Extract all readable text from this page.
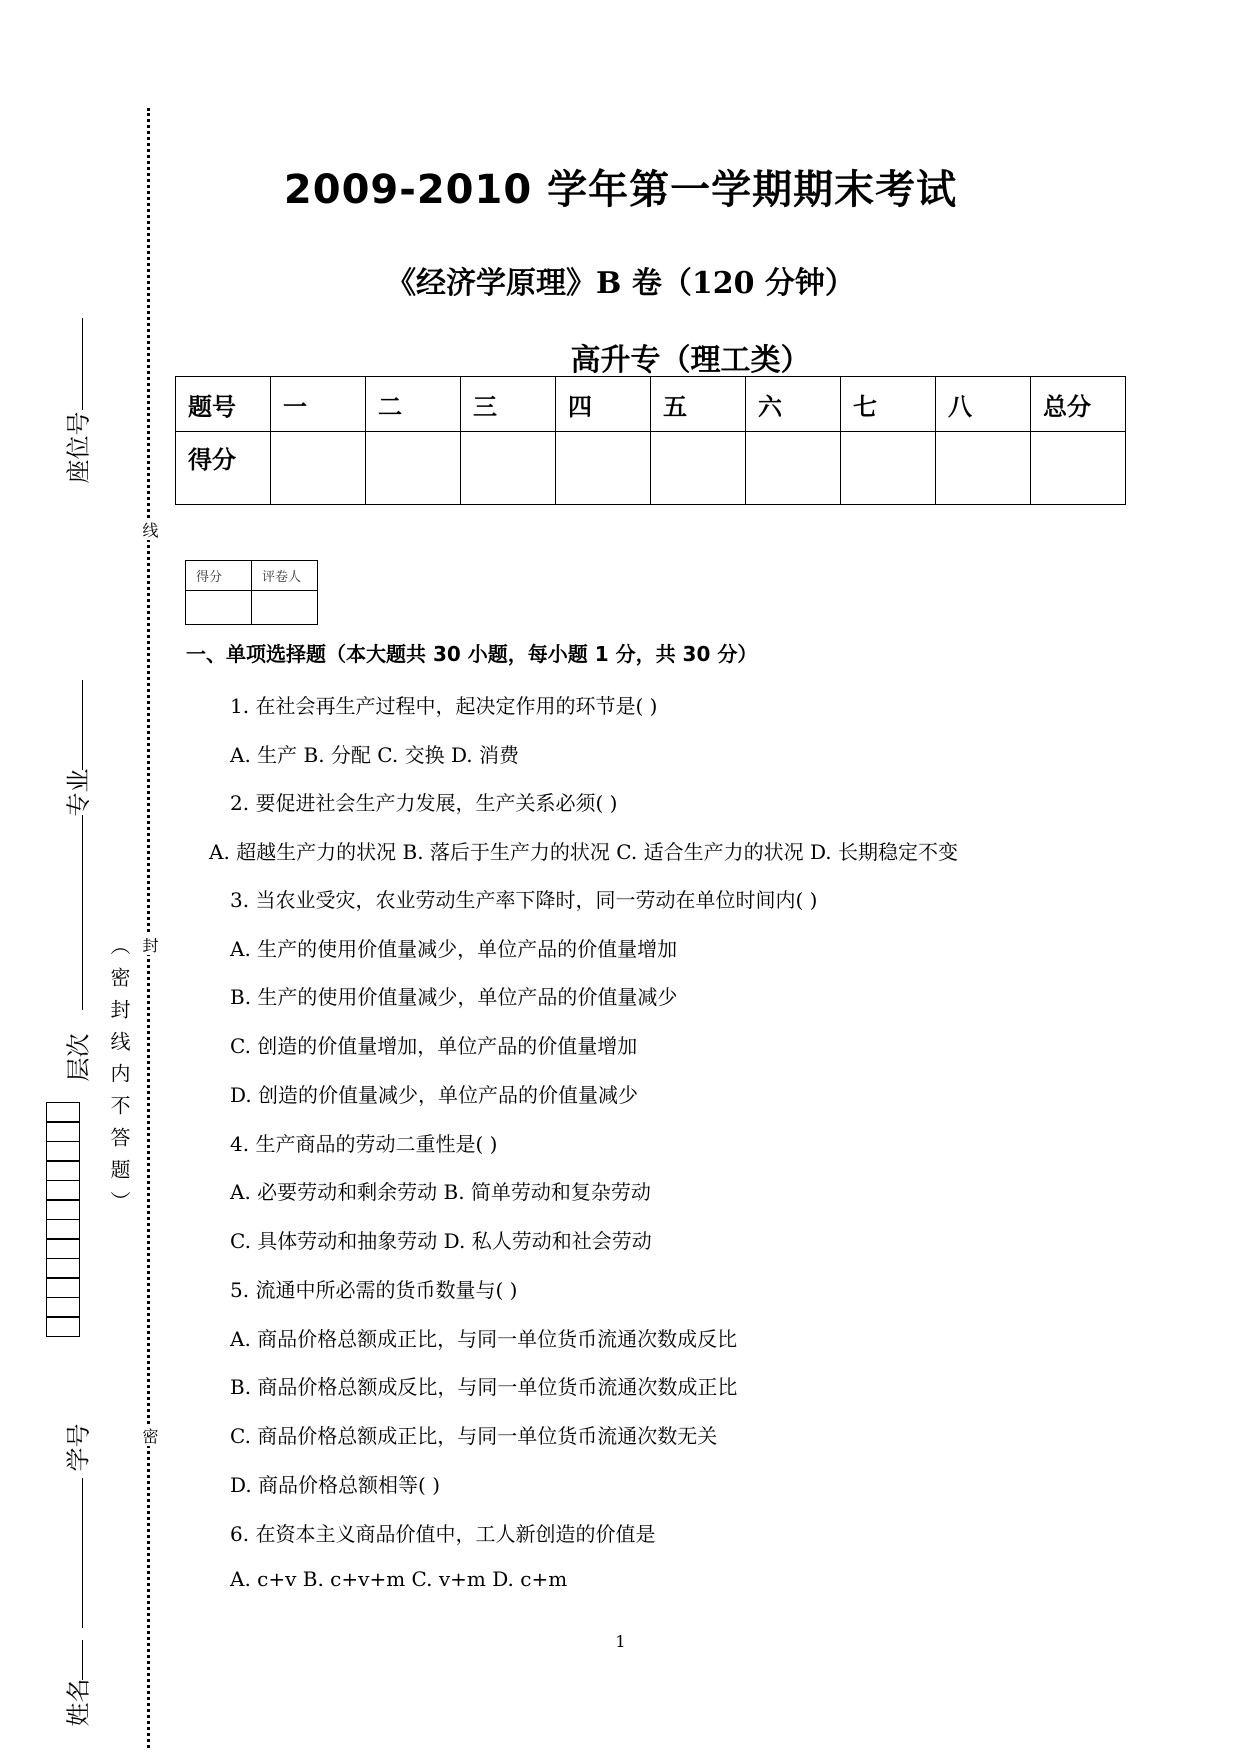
线
封
密
座位号
专业
层次 （密封线内不答题）
学号
姓名
2009-2010 学年第一学期期末考试
《经济学原理》B 卷（120 分钟）
高升专（理工类）
题号	一	二	三	四	五	六	七	八	总分
得分									
得分	评卷人

一、单项选择题（本大题共 30 小题，每小题 1 分，共 30 分）
1. 在社会再生产过程中，起决定作用的环节是( )
A. 生产 B. 分配 C. 交换 D. 消费
2. 要促进社会生产力发展，生产关系必须( )
A. 超越生产力的状况 B. 落后于生产力的状况 C. 适合生产力的状况 D. 长期稳定不变
3. 当农业受灾，农业劳动生产率下降时，同一劳动在单位时间内( )
A. 生产的使用价值量减少，单位产品的价值量增加
B. 生产的使用价值量减少，单位产品的价值量减少
C. 创造的价值量增加，单位产品的价值量增加
D. 创造的价值量减少，单位产品的价值量减少
4. 生产商品的劳动二重性是( )
A. 必要劳动和剩余劳动 B. 简单劳动和复杂劳动
C. 具体劳动和抽象劳动 D. 私人劳动和社会劳动
5. 流通中所必需的货币数量与( )
A. 商品价格总额成正比，与同一单位货币流通次数成反比
B. 商品价格总额成反比，与同一单位货币流通次数成正比
C. 商品价格总额成正比，与同一单位货币流通次数无关
D. 商品价格总额相等( )
6. 在资本主义商品价值中，工人新创造的价值是
A. c+v B. c+v+m C. v+m D. c+m
1
